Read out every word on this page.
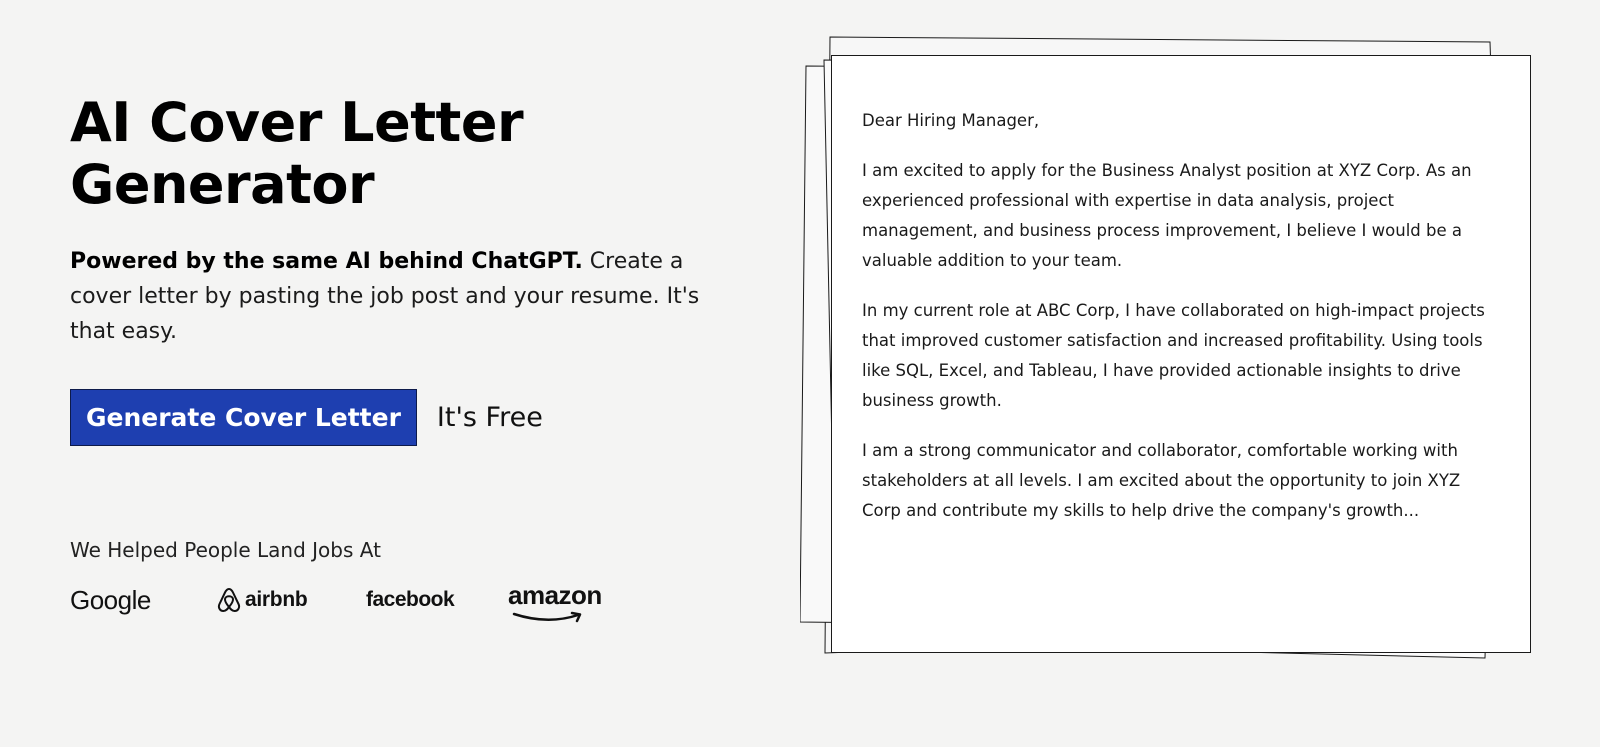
AI Cover Letter
Generator

Powered by the same AI behind ChatGPT. Create a cover letter by pasting the job post and your resume. It's that easy.

Generate Cover Letter	It's Free
We Helped People Land Jobs At
Google	airbnb	facebook amazon

Dear Hiring Manager,

I am excited to apply for the Business Analyst position at XYZ Corp. As an experienced professional with expertise in data analysis, project management, and business process improvement, I believe I would be a valuable addition to your team.

In my current role at ABC Corp, I have collaborated on high-impact projects that improved customer satisfaction and increased profitability. Using tools like SQL, Excel, and Tableau, I have provided actionable insights to drive business growth.

I am a strong communicator and collaborator, comfortable working with stakeholders at all levels. I am excited about the opportunity to join XYZ Corp and contribute my skills to help drive the company's growth...
